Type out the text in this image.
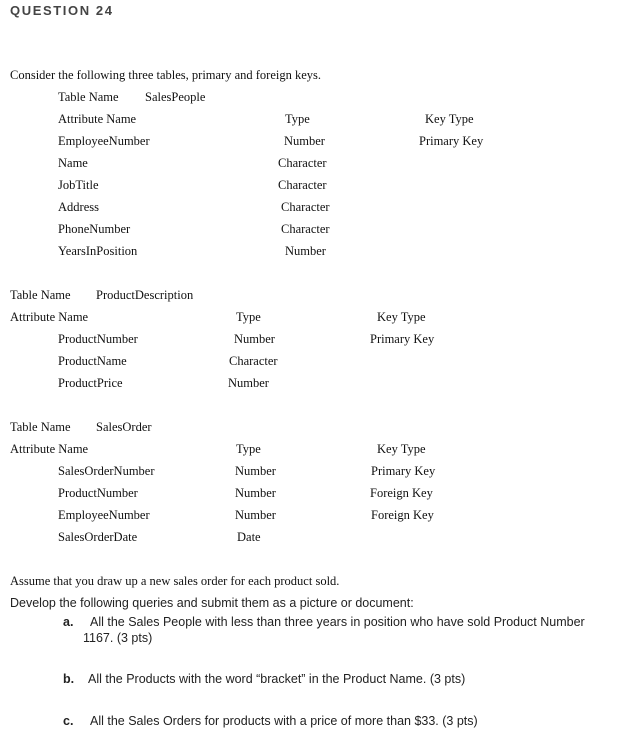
QUESTION 24
Consider the following three tables, primary and foreign keys.
Table Name SalesPeople
Attribute Name	Type	Key Type
EmployeeNumber	Number	Primary Key
Name	Character
JobTitle	Character
Address	Character
PhoneNumber	Character
YearsInPosition	Number
Table Name ProductDescription
Attribute Name	Type	Key Type
ProductNumber	Number	Primary Key
ProductName	Character
ProductPrice	Number
Table Name SalesOrder
Attribute Name	Type	Key Type
SalesOrderNumber	Number	Primary Key
ProductNumber	Number	Foreign Key
EmployeeNumber	Number	Foreign Key
SalesOrderDate	Date
Assume that you draw up a new sales order for each product sold.
Develop the following queries and submit them as a picture or document:
a. All the Sales People with less than three years in position who have sold Product Number
1167. (3 pts)
b. All the Products with the word “bracket” in the Product Name. (3 pts)
c. All the Sales Orders for products with a price of more than $33. (3 pts)
